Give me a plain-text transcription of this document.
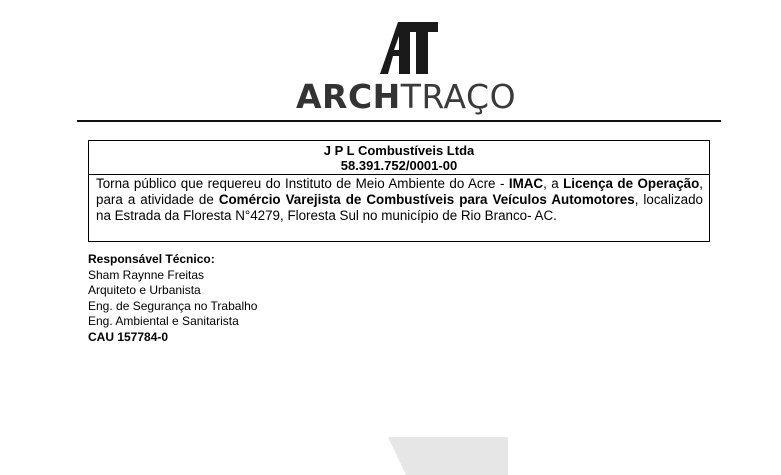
ARCHTRAÇO
J P L Combustíveis Ltda
58.391.752/0001-00
Torna público que requereu do Instituto de Meio Ambiente do Acre - IMAC, a Licença de Operação, para a atividade de Comércio Varejista de Combustíveis para Veículos Automotores, localizado na Estrada da Floresta N°4279, Floresta Sul no município de Rio Branco- AC.
Responsável Técnico:
Sham Raynne Freitas
Arquiteto e Urbanista
Eng. de Segurança no Trabalho
Eng. Ambiental e Sanitarista
CAU 157784-0
